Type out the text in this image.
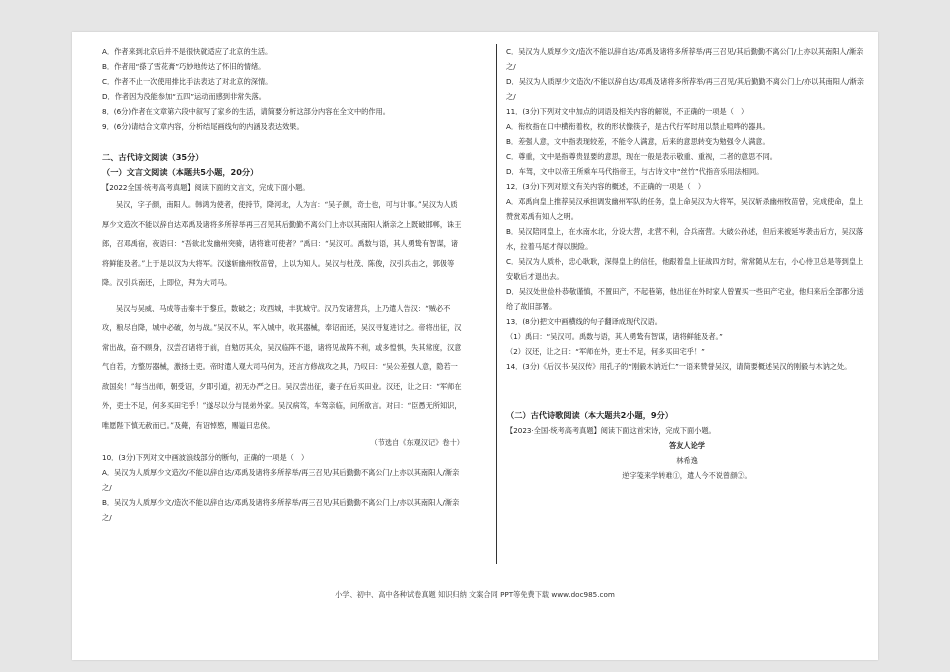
A．作者来到北京后并不是很快就适应了北京的生活。

B．作者用“搽了雪花膏”巧妙地传达了怀旧的情绪。

C．作者不止一次使用排比手法表达了对北京的深情。

D．作者因为没能参加“五四”运动而感到非常失落。

8．(6分)作者在文章第六段中叙写了家乡的生活，请简要分析这部分内容在全文中的作用。

9．(6分)请结合文章内容，分析结尾画线句的内涵及表达效果。

二、古代诗文阅读（35分）

（一）文言文阅读（本题共5小题，20分）

【2022全国·统考高考真题】阅读下面的文言文，完成下面小题。

吴汉，字子颜，南阳人。韩鸿为使者，使持节，降河北，人为言：“吴子颜，奇士也，可与计事。”吴汉为人质厚少文造次不能以辞自达邓禹及诸将多所荐举再三召见其后勤勤不离公门上亦以其南阳人渐亲之上既破邯郸，诛王郎，召邓禹宿，夜语曰：“吾欲北发幽州突骑，诸将谁可使者？”禹曰：“吴汉可。禹数与语，其人勇鸷有智谋，诸将鲜能及者。”上于是以汉为大将军。汉遂斩幽州牧苗曾，上以为知人。吴汉与杜茂、陈俊，汉引兵击之，郭伋等降。汉引兵南还，上即位，拜为大司马。

吴汉与吴威、马成等击秦丰于黎丘，数破之；攻西城，丰犹城守。汉乃发诸营兵，上乃遣人告汉：“贼必不攻，粮尽自降，城中必破，勿与战。”吴汉不从，军入城中，收其器械，奉诏而还，吴汉寻复进讨之。帝将出征，汉常出战，奋不顾身，汉尝召诸将于前，自勉厉其众，吴汉临阵不退，诸将见战阵不利，或多惶惧，失其常度，汉意气自若，方整厉器械，激扬士吏。帝时遣人观大司马何为，还言方修战攻之具，乃叹曰：“吴公差强人意，隐若一敌国矣！”每当出师，朝受诏，夕即引道，初无办严之日。吴汉尝出征，妻子在后买田业。汉还，让之曰：“军师在外，吏士不足，何多买田宅乎！”遂尽以分与昆弟外家。吴汉病笃，车驾亲临，问所欲言。对曰：“臣愚无所知识，唯愿陛下慎无赦而已。”及薨，有诏悼愍，赐谥曰忠侯。

（节选自《东观汉记》卷十）

10．(3分)下列对文中画波浪线部分的断句，正确的一项是（　）

A．吴汉为人质厚少文造次/不能以辞自达/邓禹及诸将多所荐举/再三召见/其后勤勤不离公门/上亦以其南阳人/渐亲之/

B．吴汉为人质厚少文/造次不能以辞自达/邓禹及诸将多所荐举/再三召见/其后勤勤不离公门上/亦以其南阳人/渐亲之/

C．吴汉为人质厚少文/造次不能以辞自达/邓禹及诸将多所荐举/再三召见/其后勤勤不离公门/上亦以其南阳人/渐亲之/

D．吴汉为人质厚少文造次/不能以辞自达/邓禹及诸将多所荐举/再三召见/其后勤勤不离公门上/亦以其南阳人/渐亲之/

11．(3分)下列对文中加点的词语及相关内容的解说，不正确的一项是（　）

A．衔枚指在口中横衔着枚，枚的形状像筷子，是古代行军时用以禁止喧哗的器具。

B．差强人意，文中指表现较差，不能令人满意，后来的意思转变为勉强令人满意。

C．尊重，文中是指尊贵显要的意思，现在一般是表示敬重、重视，二者的意思不同。

D．车驾，文中以帝王所乘车马代指帝王，与古诗文中“丝竹”代指音乐用法相同。

12．(3分)下列对原文有关内容的概述，不正确的一项是（　）

A．邓禹向皇上推荐吴汉承担调发幽州军队的任务，皇上命吴汉为大将军，吴汉斩杀幽州牧苗曾，完成使命，皇上赞赏邓禹有知人之明。

B．吴汉陪同皇上，在水南水北，分设大营，北营不利，合兵南营。大破公孙述，但后来被延岑袭击后方，吴汉落水，拉着马尾才得以脱险。

C．吴汉为人质朴，忠心耿耿，深得皇上的信任，他跟着皇上征战四方时，常常随从左右，小心侍卫总是等到皇上安歇后才退出去。

D．吴汉处世俭朴恭敬谨慎，不置田产，不起巷第，他出征在外时家人曾置买一些田产宅业，他归来后全部都分送给了故旧部署。

13．(8分)把文中画横线的句子翻译成现代汉语。

（1）禹曰：“吴汉可。禹数与语，其人勇鸷有智谋，诸将鲜能及者。”

（2）汉还，让之曰：“军师在外，吏士不足，何多买田宅乎！”

14．(3分)《后汉书·吴汉传》用孔子的“刚毅木讷近仁”一语来赞誉吴汉，请简要概述吴汉的刚毅与木讷之处。

（二）古代诗歌阅读（本大题共2小题，9分）

【2023·全国·统考高考真题】阅读下面这首宋诗，完成下面小题。

答友人论学

林希逸

逆字笺来学转难①，遣人今不说曾颜②。

小学、初中、高中各种试卷真题 知识归纳 文案合同 PPT等免费下载 www.doc985.com
